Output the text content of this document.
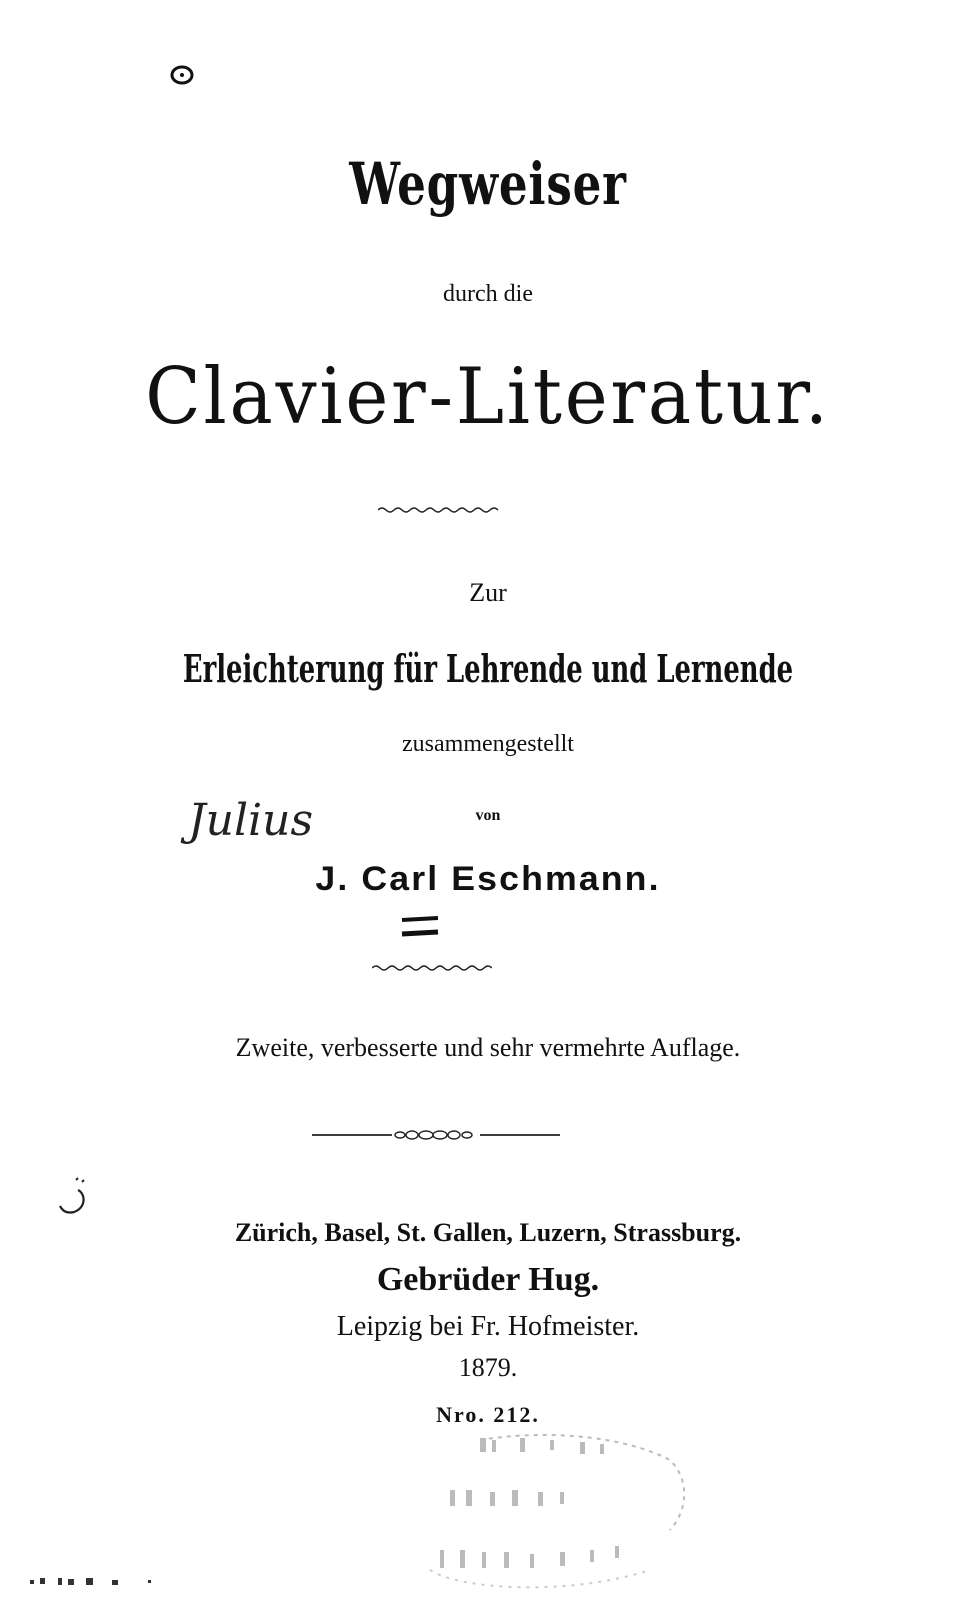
Wegweiser
durch die
Clavier-Literatur.
Zur
Erleichterung für Lehrende und Lernende
zusammengestellt
von
Julius
J. Carl Eschmann.
Zweite, verbesserte und sehr vermehrte Auflage.
Zürich, Basel, St. Gallen, Luzern, Strassburg.
Gebrüder Hug.
Leipzig bei Fr. Hofmeister.
1879.
Nro. 212.
